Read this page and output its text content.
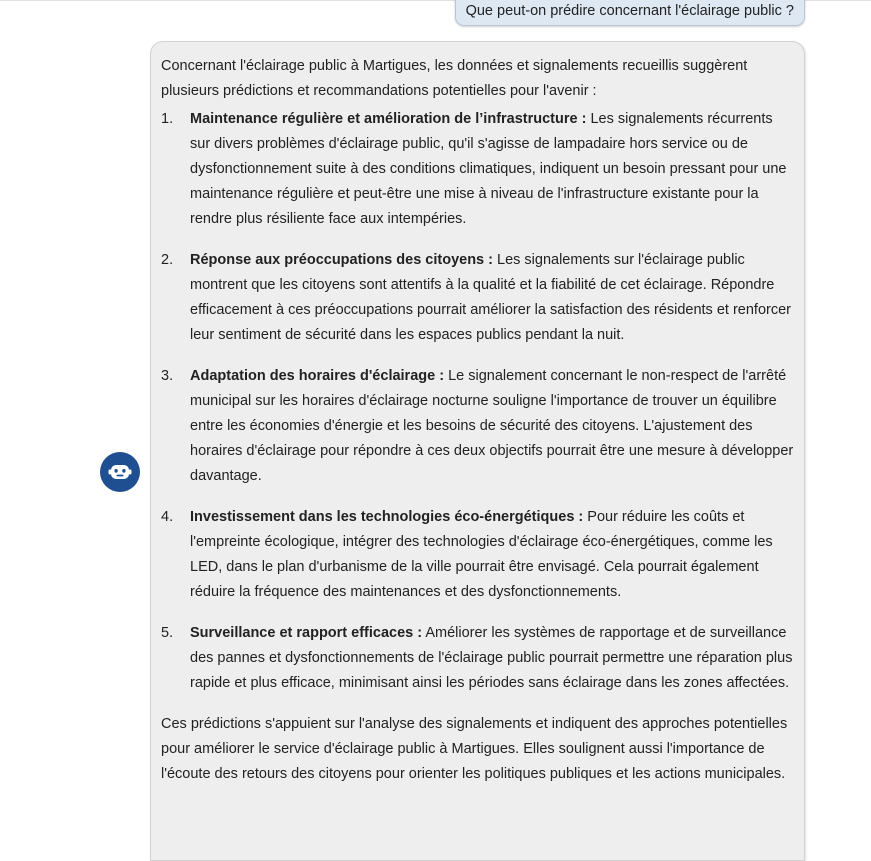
Que peut-on prédire concernant l'éclairage public ?

Concernant l'éclairage public à Martigues, les données et signalements recueillis suggèrent plusieurs prédictions et recommandations potentielles pour l'avenir :

1. Maintenance régulière et amélioration de l’infrastructure : Les signalements récurrents sur divers problèmes d'éclairage public, qu'il s'agisse de lampadaire hors service ou de dysfonctionnement suite à des conditions climatiques, indiquent un besoin pressant pour une maintenance régulière et peut-être une mise à niveau de l'infrastructure existante pour la rendre plus résiliente face aux intempéries.
2. Réponse aux préoccupations des citoyens : Les signalements sur l'éclairage public montrent que les citoyens sont attentifs à la qualité et la fiabilité de cet éclairage. Répondre efficacement à ces préoccupations pourrait améliorer la satisfaction des résidents et renforcer leur sentiment de sécurité dans les espaces publics pendant la nuit.
3. Adaptation des horaires d'éclairage : Le signalement concernant le non-respect de l'arrêté municipal sur les horaires d'éclairage nocturne souligne l'importance de trouver un équilibre entre les économies d'énergie et les besoins de sécurité des citoyens. L'ajustement des horaires d'éclairage pour répondre à ces deux objectifs pourrait être une mesure à développer davantage.
4. Investissement dans les technologies éco-énergétiques : Pour réduire les coûts et l'empreinte écologique, intégrer des technologies d'éclairage éco-énergétiques, comme les LED, dans le plan d'urbanisme de la ville pourrait être envisagé. Cela pourrait également réduire la fréquence des maintenances et des dysfonctionnements.
5. Surveillance et rapport efficaces : Améliorer les systèmes de rapportage et de surveillance des pannes et dysfonctionnements de l'éclairage public pourrait permettre une réparation plus rapide et plus efficace, minimisant ainsi les périodes sans éclairage dans les zones affectées.

Ces prédictions s'appuient sur l'analyse des signalements et indiquent des approches potentielles pour améliorer le service d'éclairage public à Martigues. Elles soulignent aussi l'importance de l'écoute des retours des citoyens pour orienter les politiques publiques et les actions municipales.
